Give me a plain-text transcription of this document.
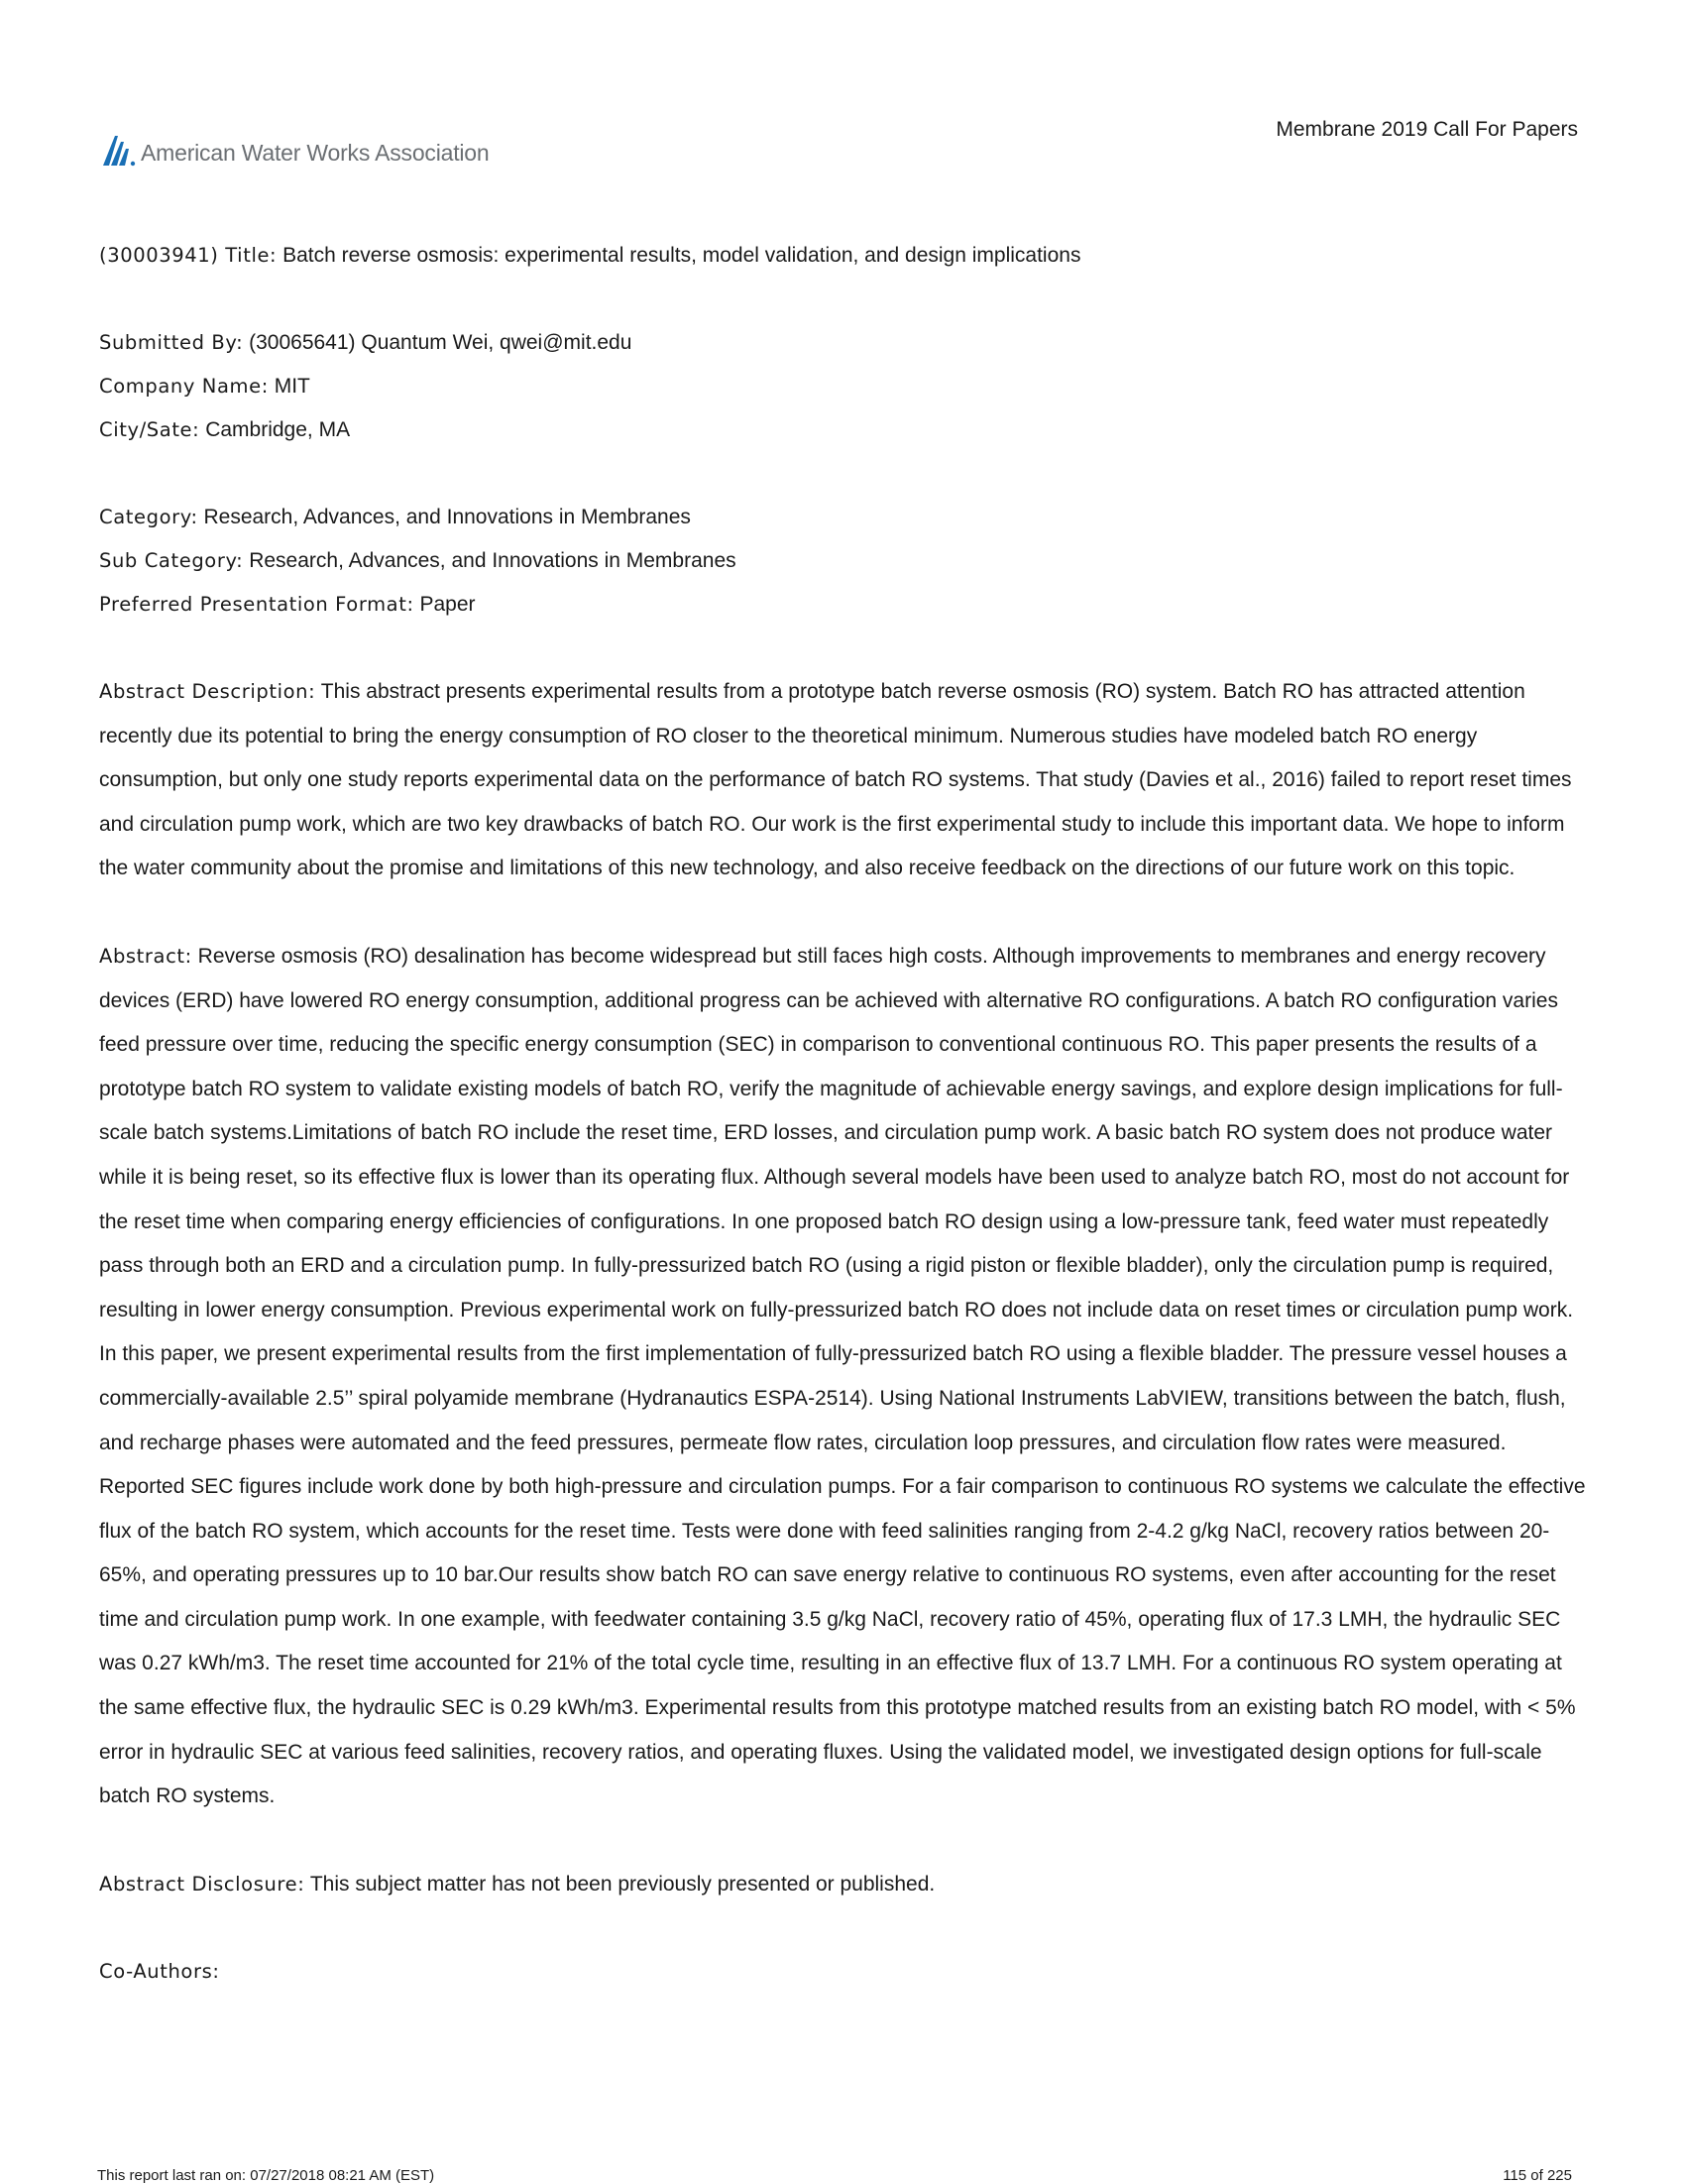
American Water Works Association
Membrane 2019 Call For Papers

(30003941) Title: Batch reverse osmosis: experimental results, model validation, and design implications

Submitted By: (30065641) Quantum Wei, qwei@mit.edu

Company Name: MIT

City/Sate: Cambridge, MA

Category: Research, Advances, and Innovations in Membranes

Sub Category: Research, Advances, and Innovations in Membranes

Preferred Presentation Format: Paper

Abstract Description: This abstract presents experimental results from a prototype batch reverse osmosis (RO) system. Batch RO has attracted attention recently due its potential to bring the energy consumption of RO closer to the theoretical minimum. Numerous studies have modeled batch RO energy consumption, but only one study reports experimental data on the performance of batch RO systems. That study (Davies et al., 2016) failed to report reset times and circulation pump work, which are two key drawbacks of batch RO. Our work is the first experimental study to include this important data. We hope to inform the water community about the promise and limitations of this new technology, and also receive feedback on the directions of our future work on this topic.

Abstract: Reverse osmosis (RO) desalination has become widespread but still faces high costs. Although improvements to membranes and energy recovery devices (ERD) have lowered RO energy consumption, additional progress can be achieved with alternative RO configurations. A batch RO configuration varies feed pressure over time, reducing the specific energy consumption (SEC) in comparison to conventional continuous RO. This paper presents the results of a prototype batch RO system to validate existing models of batch RO, verify the magnitude of achievable energy savings, and explore design implications for full-scale batch systems.Limitations of batch RO include the reset time, ERD losses, and circulation pump work. A basic batch RO system does not produce water while it is being reset, so its effective flux is lower than its operating flux. Although several models have been used to analyze batch RO, most do not account for the reset time when comparing energy efficiencies of configurations. In one proposed batch RO design using a low-pressure tank, feed water must repeatedly pass through both an ERD and a circulation pump. In fully-pressurized batch RO (using a rigid piston or flexible bladder), only the circulation pump is required, resulting in lower energy consumption. Previous experimental work on fully-pressurized batch RO does not include data on reset times or circulation pump work. In this paper, we present experimental results from the first implementation of fully-pressurized batch RO using a flexible bladder. The pressure vessel houses a commercially-available 2.5’’ spiral polyamide membrane (Hydranautics ESPA-2514). Using National Instruments LabVIEW, transitions between the batch, flush, and recharge phases were automated and the feed pressures, permeate flow rates, circulation loop pressures, and circulation flow rates were measured. Reported SEC figures include work done by both high-pressure and circulation pumps. For a fair comparison to continuous RO systems we calculate the effective flux of the batch RO system, which accounts for the reset time. Tests were done with feed salinities ranging from 2-4.2 g/kg NaCl, recovery ratios between 20-65%, and operating pressures up to 10 bar.Our results show batch RO can save energy relative to continuous RO systems, even after accounting for the reset time and circulation pump work. In one example, with feedwater containing 3.5 g/kg NaCl, recovery ratio of 45%, operating flux of 17.3 LMH, the hydraulic SEC was 0.27 kWh/m3. The reset time accounted for 21% of the total cycle time, resulting in an effective flux of 13.7 LMH. For a continuous RO system operating at the same effective flux, the hydraulic SEC is 0.29 kWh/m3. Experimental results from this prototype matched results from an existing batch RO model, with < 5% error in hydraulic SEC at various feed salinities, recovery ratios, and operating fluxes. Using the validated model, we investigated design options for full-scale batch RO systems.

Abstract Disclosure: This subject matter has not been previously presented or published.

Co-Authors:

This report last ran on: 07/27/2018 08:21 AM (EST)	115 of 225
